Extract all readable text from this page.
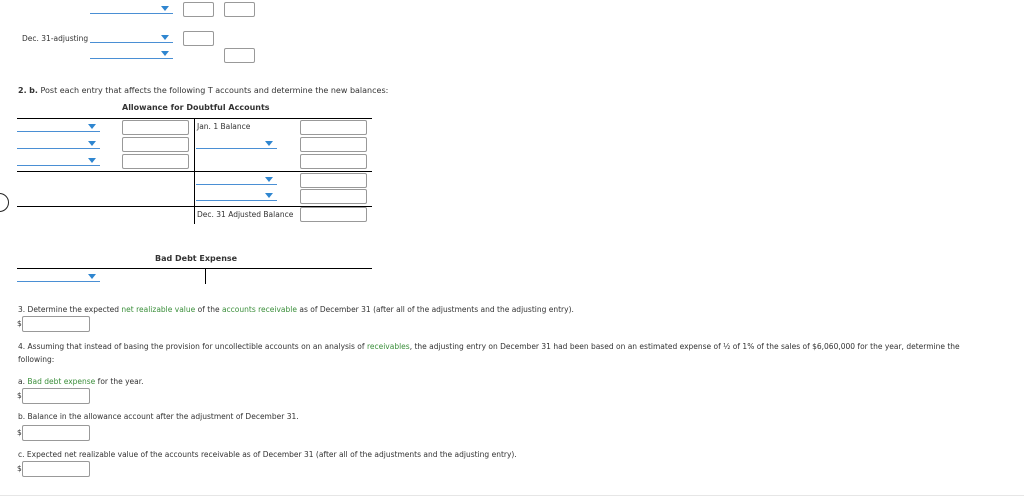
Dec. 31-adjusting
2. b. Post each entry that affects the following T accounts and determine the new balances:
Allowance for Doubtful Accounts
Jan. 1 Balance
Dec. 31 Adjusted Balance
Bad Debt Expense
3. Determine the expected net realizable value of the accounts receivable as of December 31 (after all of the adjustments and the adjusting entry).
$
4. Assuming that instead of basing the provision for uncollectible accounts on an analysis of receivables, the adjusting entry on December 31 had been based on an estimated expense of ½ of 1% of the sales of $6,060,000 for the year, determine the
following:
a. Bad debt expense for the year.
$
b. Balance in the allowance account after the adjustment of December 31.
$
c. Expected net realizable value of the accounts receivable as of December 31 (after all of the adjustments and the adjusting entry).
$
